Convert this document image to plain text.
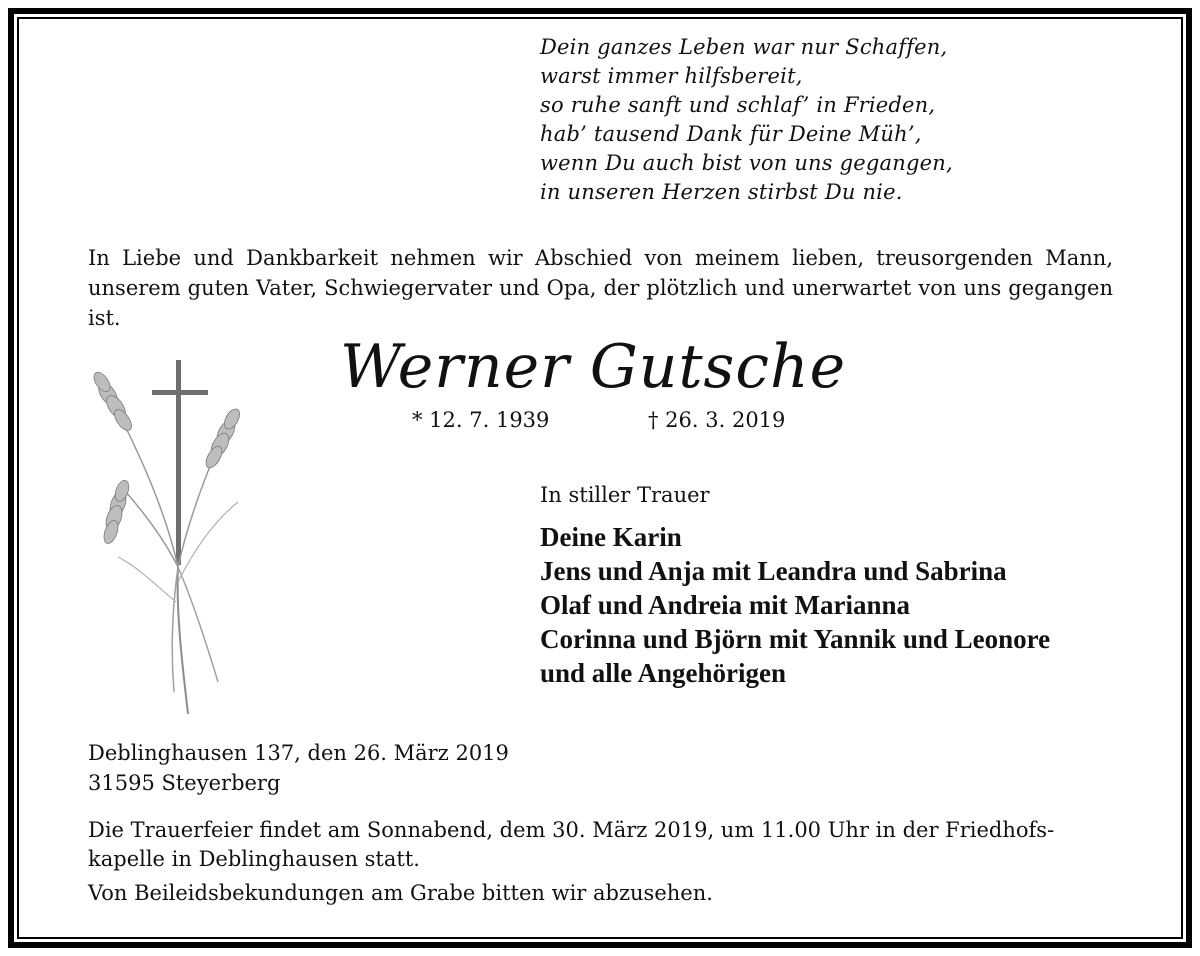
Dein ganzes Leben war nur Schaffen,
warst immer hilfsbereit,
so ruhe sanft und schlaf’ in Frieden,
hab’ tausend Dank für Deine Müh’,
wenn Du auch bist von uns gegangen,
in unseren Herzen stirbst Du nie.
In Liebe und Dankbarkeit nehmen wir Abschied von meinem lieben, treusorgenden Mann, unserem guten Vater, Schwiegervater und Opa, der plötzlich und unerwartet von uns gegangen ist.
Werner Gutsche
* 12. 7. 1939	† 26. 3. 2019
In stiller Trauer
Deine Karin
Jens und Anja mit Leandra und Sabrina
Olaf und Andreia mit Marianna
Corinna und Björn mit Yannik und Leonore
und alle Angehörigen
Deblinghausen 137, den 26. März 2019
31595 Steyerberg
Die Trauerfeier findet am Sonnabend, dem 30. März 2019, um 11.00 Uhr in der Friedhofs-
kapelle in Deblinghausen statt.
Von Beileidsbekundungen am Grabe bitten wir abzusehen.
